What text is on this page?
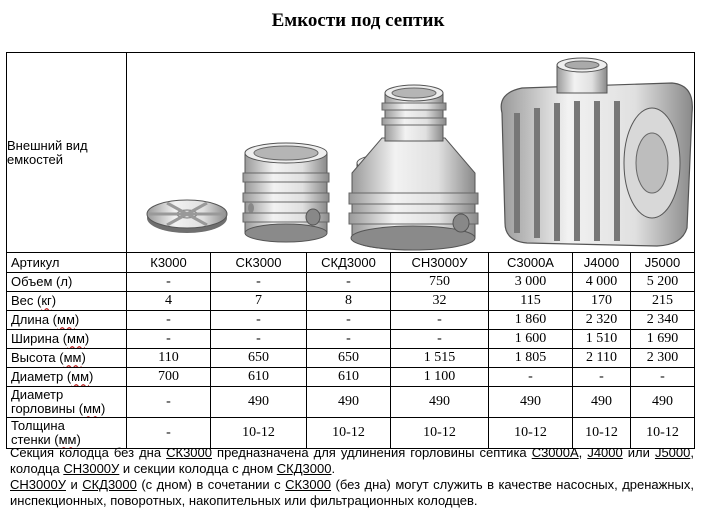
Емкости под септик
Внешний вид емкостей	

Артикул	К3000	СК3000	СКД3000	СН3000У	С3000А	J4000	J5000
Объем (л)	-	-	-	750	3 000	4 000	5 200
Вес (кг)	4	7	8	32	115	170	215
Длина (мм)	-	-	-	-	1 860	2 320	2 340
Ширина (мм)	-	-	-	-	1 600	1 510	1 690
Высота (мм)	110	650	650	1 515	1 805	2 110	2 300
Диаметр (мм)	700	610	610	1 100	-	-	-
Диаметр
горловины (мм)	-	490	490	490	490	490	490
Толщина
стенки (мм)	-	10-12	10-12	10-12	10-12	10-12	10-12

Секция колодца без дна СК3000 предназначена для удлинения горловины септика С3000А, J4000 или J5000, колодца СН3000У и секции колодца с дном СКД3000.

СН3000У и СКД3000 (с дном) в сочетании с СК3000 (без дна) могут служить в качестве насосных, дренажных, инспекционных, поворотных, накопительных или фильтрационных колодцев.
